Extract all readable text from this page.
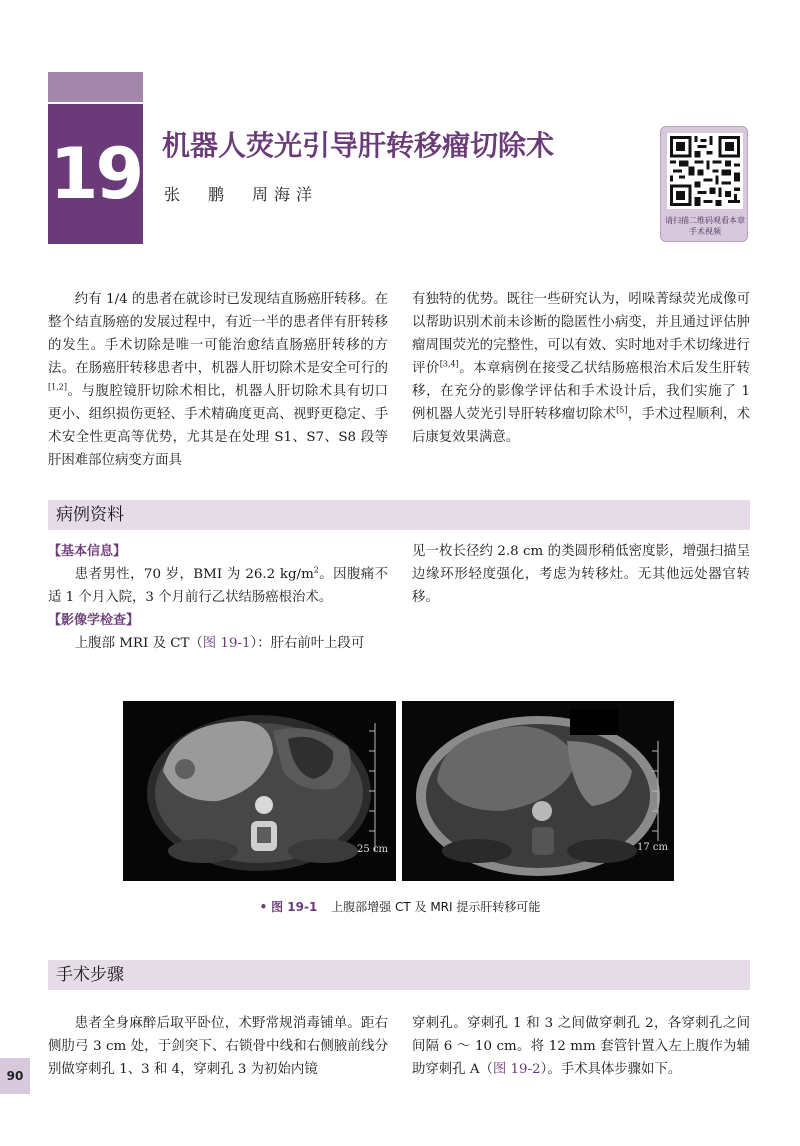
19 机器人荧光引导肝转移瘤切除术
张　鹏　周海洋
请扫描二维码观看本章手术视频

约有 1/4 的患者在就诊时已发现结直肠癌肝转移。在整个结直肠癌的发展过程中，有近一半的患者伴有肝转移的发生。手术切除是唯一可能治愈结直肠癌肝转移的方法。在肠癌肝转移患者中，机器人肝切除术是安全可行的[1,2]。与腹腔镜肝切除术相比，机器人肝切除术具有切口更小、组织损伤更轻、手术精确度更高、视野更稳定、手术安全性更高等优势，尤其是在处理 S1、S7、S8 段等肝困难部位病变方面具

有独特的优势。既往一些研究认为，吲哚菁绿荧光成像可以帮助识别术前未诊断的隐匿性小病变，并且通过评估肿瘤周围荧光的完整性，可以有效、实时地对手术切缘进行评价[3,4]。本章病例在接受乙状结肠癌根治术后发生肝转移，在充分的影像学评估和手术设计后，我们实施了 1 例机器人荧光引导肝转移瘤切除术[5]，手术过程顺利，术后康复效果满意。

病例资料

【基本信息】

患者男性，70 岁，BMI 为 26.2 $kg/m^2$。因腹痛不适 1 个月入院，3 个月前行乙状结肠癌根治术。

【影像学检查】

上腹部 MRI 及 CT（图 19-1）：肝右前叶上段可

见一枚长径约 2.8 cm 的类圆形稍低密度影，增强扫描呈边缘环形轻度强化，考虑为转移灶。无其他远处器官转移。

25 cm	17 cm
• 图 19-1 上腹部增强 CT 及 MRI 提示肝转移可能
手术步骤

患者全身麻醉后取平卧位，术野常规消毒铺单。距右侧肋弓 3 cm 处，于剑突下、右锁骨中线和右侧腋前线分别做穿刺孔 1、3 和 4，穿刺孔 3 为初始内镜

穿刺孔。穿刺孔 1 和 3 之间做穿刺孔 2，各穿刺孔之间间隔 6 ～ 10 cm。将 12 mm 套管针置入左上腹作为辅助穿刺孔 A（图 19-2）。手术具体步骤如下。

90
